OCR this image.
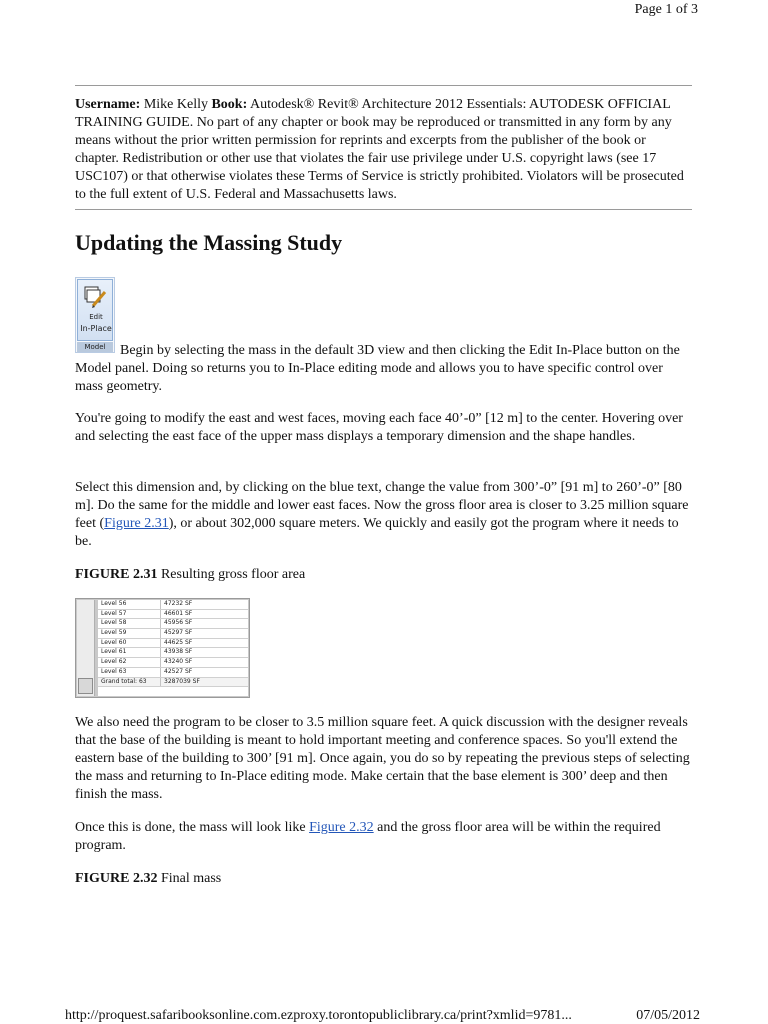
Page 1 of 3

Username: Mike Kelly Book: Autodesk® Revit® Architecture 2012 Essentials: AUTODESK OFFICIAL TRAINING GUIDE. No part of any chapter or book may be reproduced or transmitted in any form by any means without the prior written permission for reprints and excerpts from the publisher of the book or chapter. Redistribution or other use that violates the fair use privilege under U.S. copyright laws (see 17 USC107) or that otherwise violates these Terms of Service is strictly prohibited. Violators will be prosecuted to the full extent of U.S. Federal and Massachusetts laws.

Updating the Massing Study
Edit
In-Place
Model	Begin by selecting the mass in the default 3D view and then clicking the Edit In-Place button on the Model panel. Doing so returns you to In-Place editing mode and allows you to have specific control over mass geometry.

You're going to modify the east and west faces, moving each face 40’-0” [12 m] to the center. Hovering over and selecting the east face of the upper mass displays a temporary dimension and the shape handles.

Select this dimension and, by clicking on the blue text, change the value from 300’-0” [91 m] to 260’-0” [80 m]. Do the same for the middle and lower east faces. Now the gross floor area is closer to 3.25 million square feet (Figure 2.31), or about 302,000 square meters. We quickly and easily got the program where it needs to be.

FIGURE 2.31 Resulting gross floor area

Level 56	47232 SF
Level 57	46601 SF
Level 58	45956 SF
Level 59	45297 SF
Level 60	44625 SF
Level 61	43938 SF
Level 62	43240 SF
Level 63	42527 SF
Grand total: 63	3287039 SF

We also need the program to be closer to 3.5 million square feet. A quick discussion with the designer reveals that the base of the building is meant to hold important meeting and conference spaces. So you'll extend the eastern base of the building to 300’ [91 m]. Once again, you do so by repeating the previous steps of selecting the mass and returning to In-Place editing mode. Make certain that the base element is 300’ deep and then finish the mass.

Once this is done, the mass will look like Figure 2.32 and the gross floor area will be within the required program.

FIGURE 2.32 Final mass

http://proquest.safaribooksonline.com.ezproxy.torontopubliclibrary.ca/print?xmlid=9781...	07/05/2012
